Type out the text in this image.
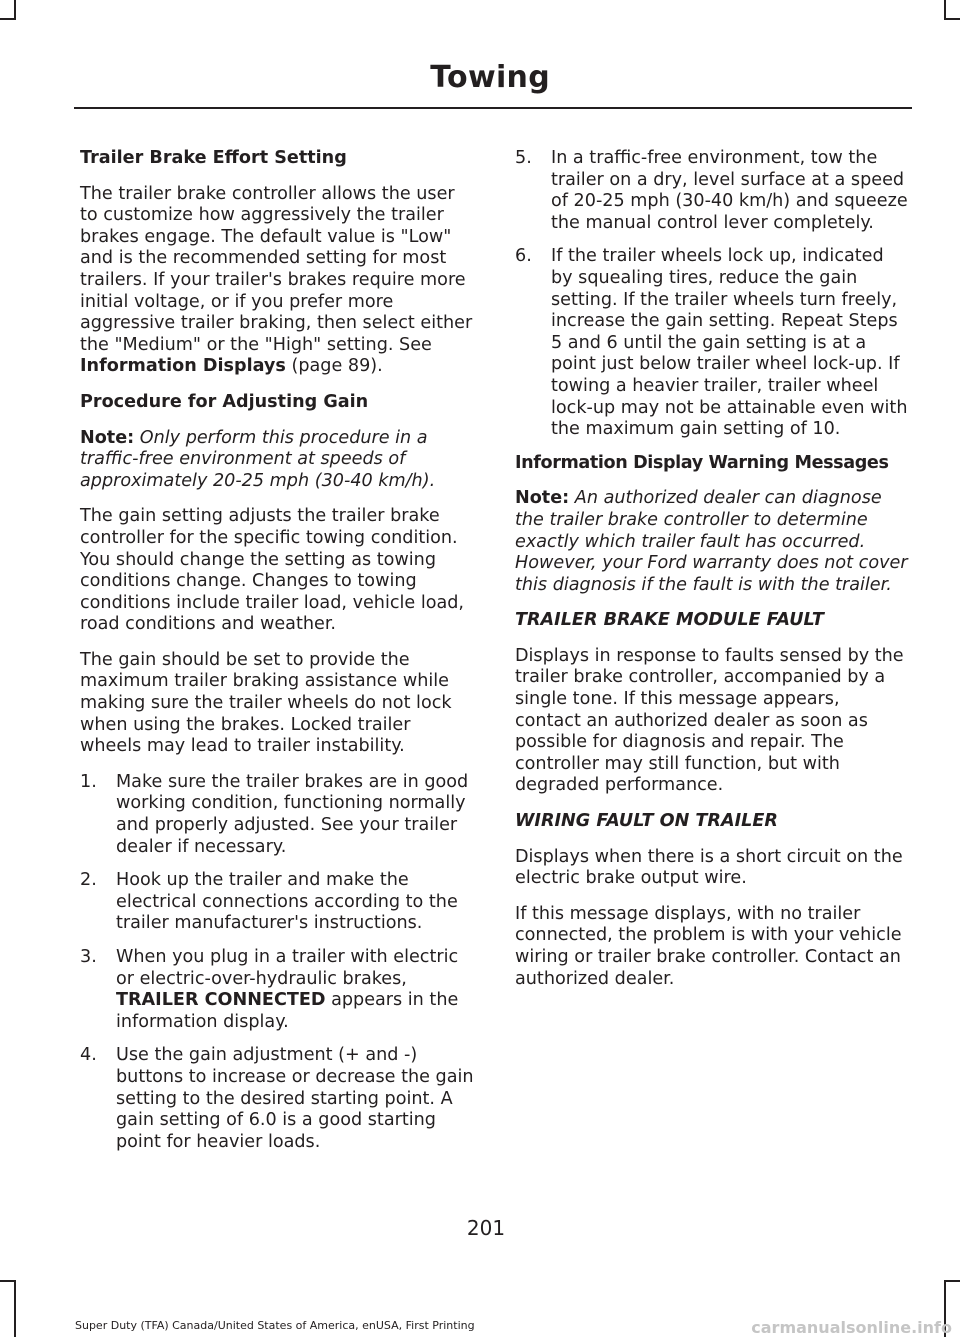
Towing
Trailer Brake Effort Setting

The trailer brake controller allows the user to customize how aggressively the trailer brakes engage. The default value is "Low" and is the recommended setting for most trailers. If your trailer's brakes require more initial voltage, or if you prefer more aggressive trailer braking, then select either the "Medium" or the "High" setting. See Information Displays (page 89).

Procedure for Adjusting Gain

Note: Only perform this procedure in a traffic-free environment at speeds of approximately 20-25 mph (30-40 km/h).

The gain setting adjusts the trailer brake controller for the specific towing condition. You should change the setting as towing conditions change. Changes to towing conditions include trailer load, vehicle load, road conditions and weather.

The gain should be set to provide the maximum trailer braking assistance while making sure the trailer wheels do not lock when using the brakes. Locked trailer wheels may lead to trailer instability.

1. Make sure the trailer brakes are in good working condition, functioning normally and properly adjusted. See your trailer dealer if necessary.
2. Hook up the trailer and make the electrical connections according to the trailer manufacturer's instructions.
3. When you plug in a trailer with electric or electric-over-hydraulic brakes, TRAILER CONNECTED appears in the information display.
4. Use the gain adjustment (+ and -) buttons to increase or decrease the gain setting to the desired starting point. A gain setting of 6.0 is a good starting point for heavier loads.
5. In a traffic-free environment, tow the trailer on a dry, level surface at a speed of 20-25 mph (30-40 km/h) and squeeze the manual control lever completely.
6. If the trailer wheels lock up, indicated by squealing tires, reduce the gain setting. If the trailer wheels turn freely, increase the gain setting. Repeat Steps 5 and 6 until the gain setting is at a point just below trailer wheel lock-up. If towing a heavier trailer, trailer wheel lock-up may not be attainable even with the maximum gain setting of 10.
Information Display Warning Messages

Note: An authorized dealer can diagnose the trailer brake controller to determine exactly which trailer fault has occurred. However, your Ford warranty does not cover this diagnosis if the fault is with the trailer.

TRAILER BRAKE MODULE FAULT

Displays in response to faults sensed by the trailer brake controller, accompanied by a single tone. If this message appears, contact an authorized dealer as soon as possible for diagnosis and repair. The controller may still function, but with degraded performance.

WIRING FAULT ON TRAILER

Displays when there is a short circuit on the electric brake output wire.

If this message displays, with no trailer connected, the problem is with your vehicle wiring or trailer brake controller. Contact an authorized dealer.

201
Super Duty (TFA) Canada/United States of America, enUSA, First Printing	carmanualsonline.info
